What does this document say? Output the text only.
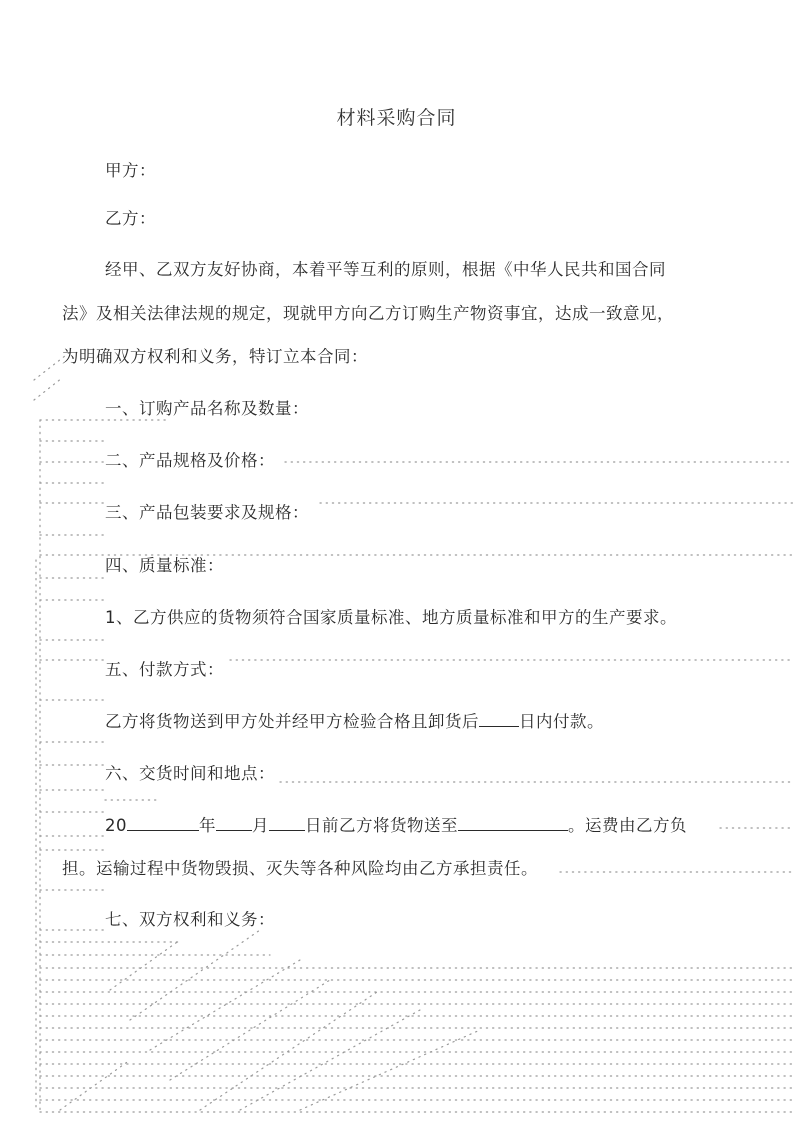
材料采购合同
甲方：
乙方：
经甲、乙双方友好协商，本着平等互利的原则，根据《中华人民共和国合同
法》及相关法律法规的规定，现就甲方向乙方订购生产物资事宜，达成一致意见，
为明确双方权利和义务，特订立本合同：
一、订购产品名称及数量：
二、产品规格及价格：
三、产品包装要求及规格：
四、质量标准：
1、乙方供应的货物须符合国家质量标准、地方质量标准和甲方的生产要求。
五、付款方式：
乙方将货物送到甲方处并经甲方检验合格且卸货后 日内付款。
六、交货时间和地点：
20	年 月 日前乙方将货物送至	。运费由乙方负
担。运输过程中货物毁损、灭失等各种风险均由乙方承担责任。
七、双方权利和义务：
